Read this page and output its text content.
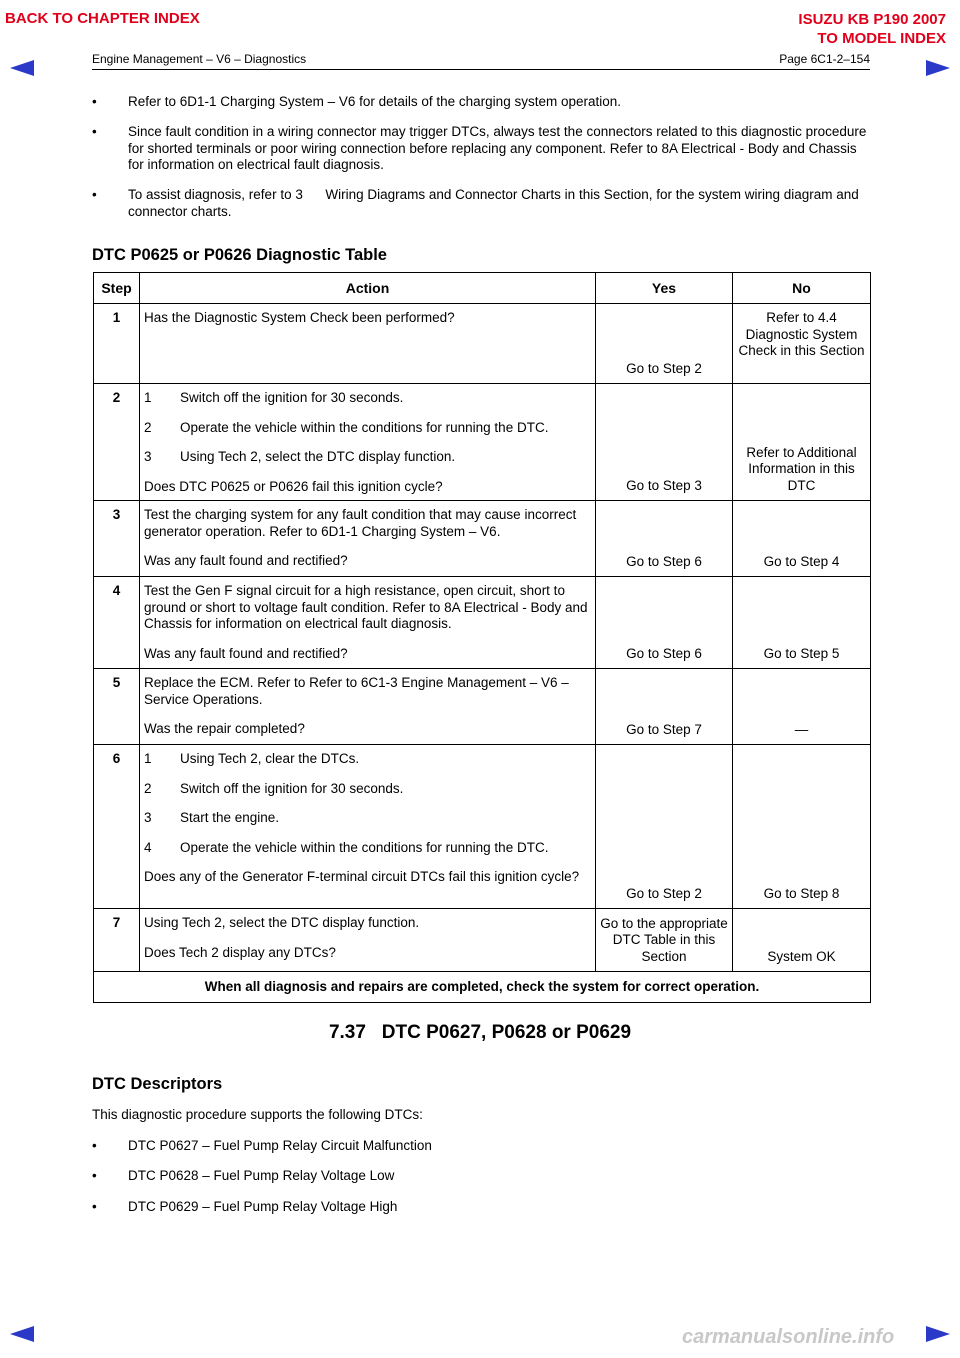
BACK TO CHAPTER INDEX	ISUZU KB P190 2007
TO MODEL INDEX
Engine Management – V6 – Diagnostics	Page 6C1-2–154
• Refer to 6D1-1 Charging System – V6 for details of the charging system operation.
• Since fault condition in a wiring connector may trigger DTCs, always test the connectors related to this diagnostic procedure for shorted terminals or poor wiring connection before replacing any component. Refer to 8A Electrical - Body and Chassis for information on electrical fault diagnosis.
• To assist diagnosis, refer to 3      Wiring Diagrams and Connector Charts in this Section, for the system wiring diagram and connector charts.
DTC P0625 or P0626 Diagnostic Table
Step	Action	Yes	No

1	Has the Diagnostic System Check been performed?	Go to Step 2	Refer to 4.4 Diagnostic System Check in this Section

2	1 Switch off the ignition for 30 seconds.
2 Operate the vehicle within the conditions for running the DTC.
3 Using Tech 2, select the DTC display function.
Does DTC P0625 or P0626 fail this ignition cycle?	Go to Step 3	Refer to Additional Information in this DTC

3	Test the charging system for any fault condition that may cause incorrect generator operation. Refer to 6D1-1 Charging System – V6.
Was any fault found and rectified?	Go to Step 6	Go to Step 4

4	Test the Gen F signal circuit for a high resistance, open circuit, short to ground or short to voltage fault condition. Refer to 8A Electrical - Body and Chassis for information on electrical fault diagnosis.
Was any fault found and rectified?	Go to Step 6	Go to Step 5

5	Replace the ECM. Refer to Refer to 6C1-3 Engine Management – V6 – Service Operations.
Was the repair completed?	Go to Step 7	—

6	1 Using Tech 2, clear the DTCs.
2 Switch off the ignition for 30 seconds.
3 Start the engine.
4 Operate the vehicle within the conditions for running the DTC.
Does any of the Generator F-terminal circuit DTCs fail this ignition cycle?	Go to Step 2	Go to Step 8

7	Using Tech 2, select the DTC display function.
Does Tech 2 display any DTCs?	Go to the appropriate DTC Table in this Section	System OK

When all diagnosis and repairs are completed, check the system for correct operation.			
7.37   DTC P0627, P0628 or P0629
DTC Descriptors
This diagnostic procedure supports the following DTCs:
• DTC P0627 – Fuel Pump Relay Circuit Malfunction
• DTC P0628 – Fuel Pump Relay Voltage Low
• DTC P0629 – Fuel Pump Relay Voltage High
carmanualsonline.info
